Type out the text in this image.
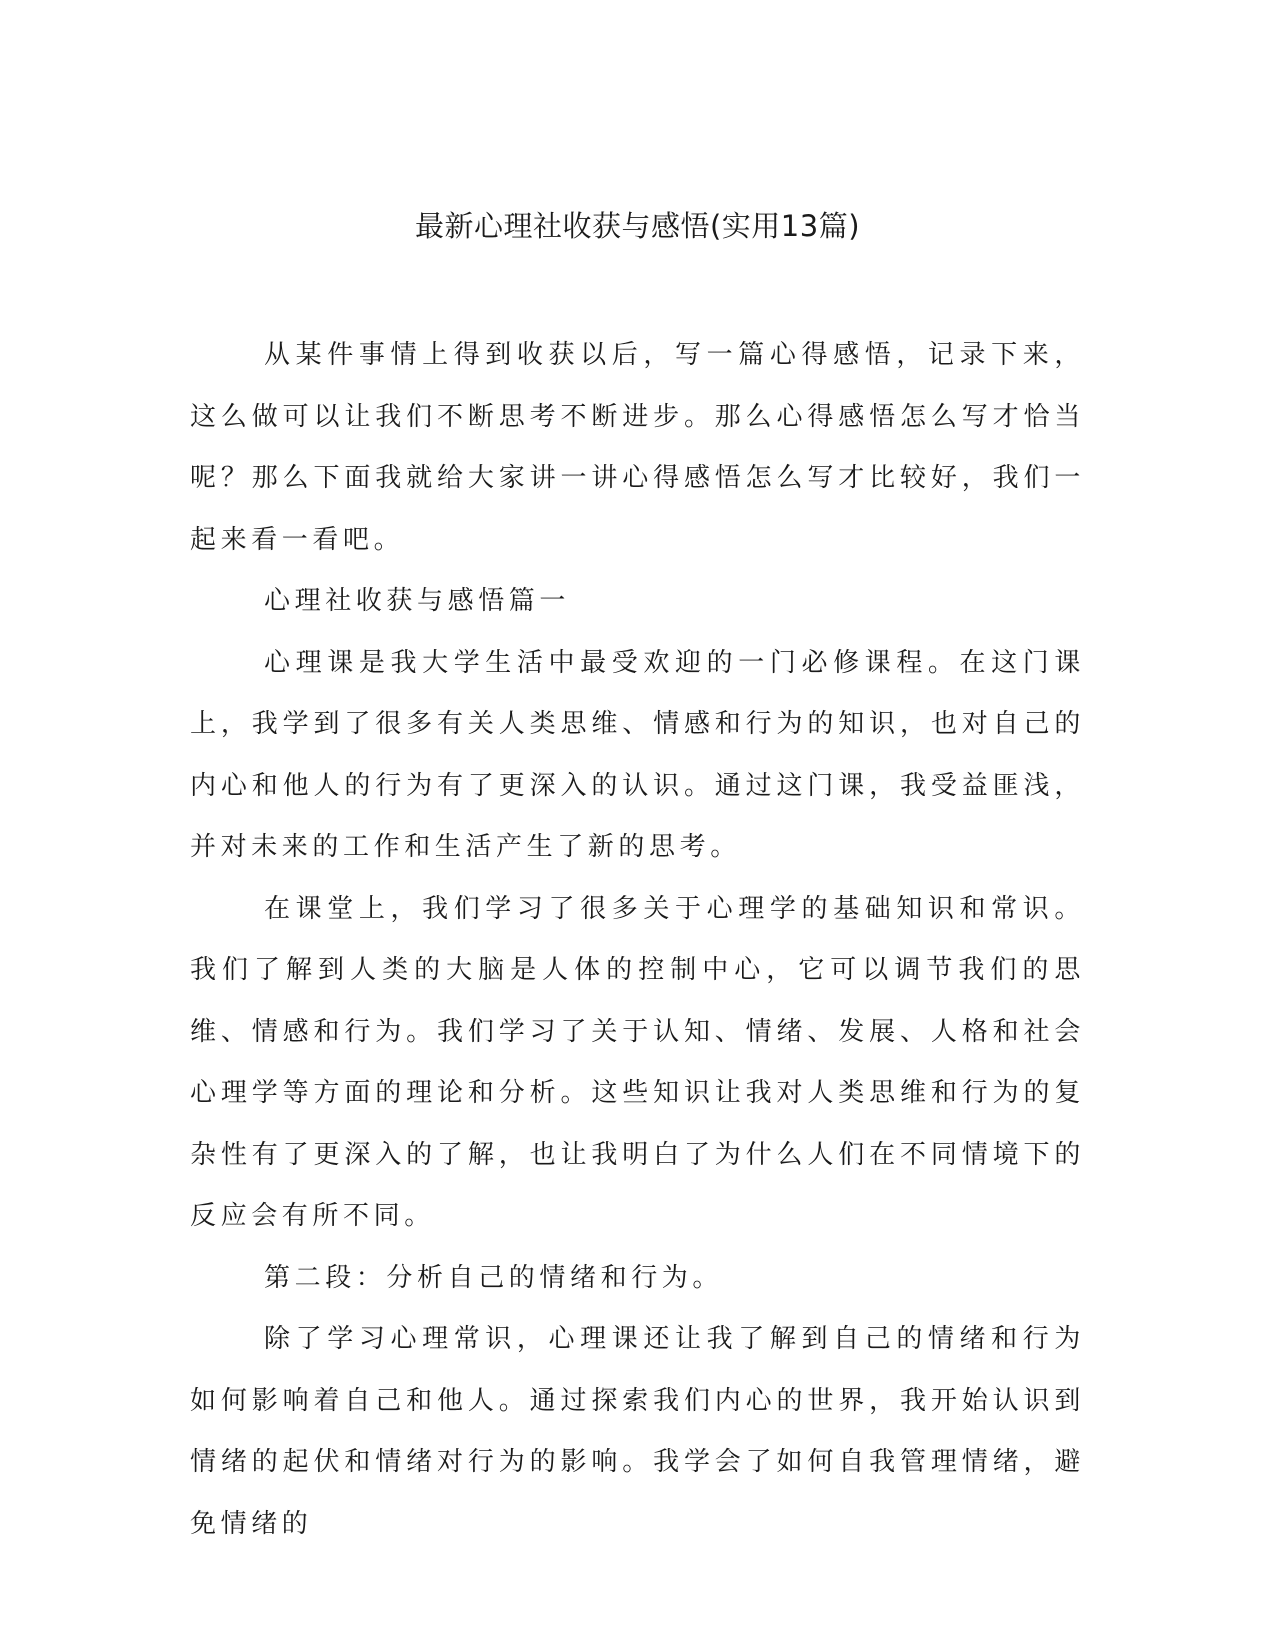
最新心理社收获与感悟(实用13篇)

从某件事情上得到收获以后，写一篇心得感悟，记录下来，这么做可以让我们不断思考不断进步。那么心得感悟怎么写才恰当呢？那么下面我就给大家讲一讲心得感悟怎么写才比较好，我们一起来看一看吧。

心理社收获与感悟篇一

心理课是我大学生活中最受欢迎的一门必修课程。在这门课上，我学到了很多有关人类思维、情感和行为的知识，也对自己的内心和他人的行为有了更深入的认识。通过这门课，我受益匪浅，并对未来的工作和生活产生了新的思考。

在课堂上，我们学习了很多关于心理学的基础知识和常识。我们了解到人类的大脑是人体的控制中心，它可以调节我们的思维、情感和行为。我们学习了关于认知、情绪、发展、人格和社会心理学等方面的理论和分析。这些知识让我对人类思维和行为的复杂性有了更深入的了解，也让我明白了为什么人们在不同情境下的反应会有所不同。

第二段：分析自己的情绪和行为。

除了学习心理常识，心理课还让我了解到自己的情绪和行为如何影响着自己和他人。通过探索我们内心的世界，我开始认识到情绪的起伏和情绪对行为的影响。我学会了如何自我管理情绪，避免情绪的
